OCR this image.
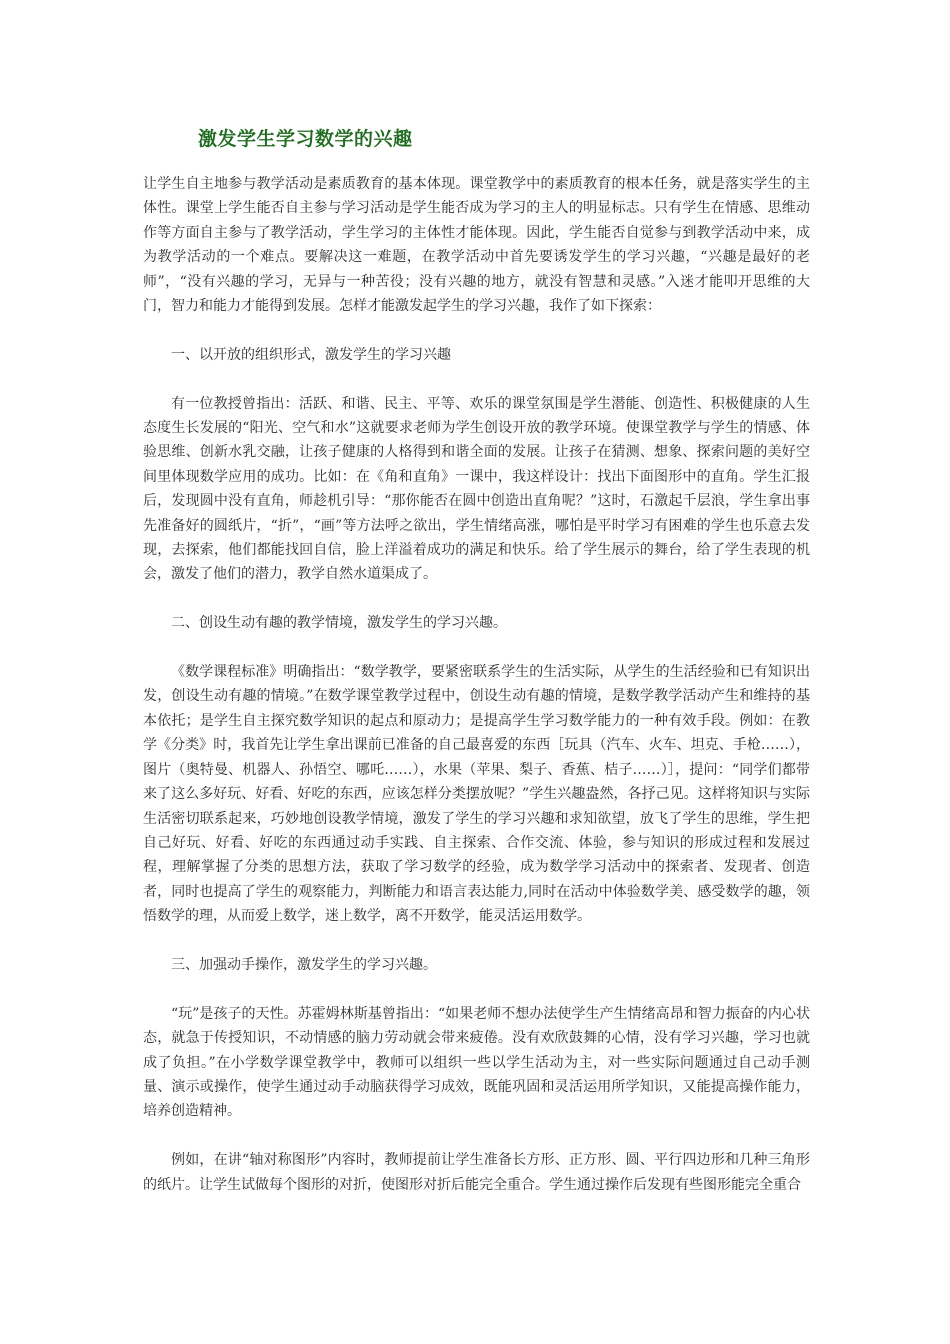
激发学生学习数学的兴趣

让学生自主地参与教学活动是素质教育的基本体现。课堂教学中的素质教育的根本任务，就是落实学生的主体性。课堂上学生能否自主参与学习活动是学生能否成为学习的主人的明显标志。只有学生在情感、思维动作等方面自主参与了教学活动，学生学习的主体性才能体现。因此，学生能否自觉参与到教学活动中来，成为教学活动的一个难点。要解决这一难题，在教学活动中首先要诱发学生的学习兴趣，“兴趣是最好的老师”，“没有兴趣的学习，无异与一种苦役；没有兴趣的地方，就没有智慧和灵感。”入迷才能叩开思维的大门，智力和能力才能得到发展。怎样才能激发起学生的学习兴趣，我作了如下探索：

一、以开放的组织形式，激发学生的学习兴趣

有一位教授曾指出：活跃、和谐、民主、平等、欢乐的课堂氛围是学生潜能、创造性、积极健康的人生态度生长发展的“阳光、空气和水”这就要求老师为学生创设开放的教学环境。使课堂教学与学生的情感、体验思维、创新水乳交融，让孩子健康的人格得到和谐全面的发展。让孩子在猜测、想象、探索问题的美好空间里体现数学应用的成功。比如：在《角和直角》一课中，我这样设计：找出下面图形中的直角。学生汇报后，发现圆中没有直角，师趁机引导：“那你能否在圆中创造出直角呢？”这时，石激起千层浪，学生拿出事先准备好的圆纸片，“折”，“画”等方法呼之欲出，学生情绪高涨，哪怕是平时学习有困难的学生也乐意去发现，去探索，他们都能找回自信，脸上洋溢着成功的满足和快乐。给了学生展示的舞台，给了学生表现的机会，激发了他们的潜力，教学自然水道渠成了。

二、创设生动有趣的教学情境，激发学生的学习兴趣。

《数学课程标准》明确指出：“数学教学，要紧密联系学生的生活实际，从学生的生活经验和已有知识出发，创设生动有趣的情境。”在数学课堂教学过程中，创设生动有趣的情境，是数学教学活动产生和维持的基本依托；是学生自主探究数学知识的起点和原动力；是提高学生学习数学能力的一种有效手段。例如：在教学《分类》时，我首先让学生拿出课前已准备的自己最喜爱的东西［玩具（汽车、火车、坦克、手枪……），图片（奥特曼、机器人、孙悟空、哪吒……），水果（苹果、梨子、香蕉、桔子……）］，提问：“同学们都带来了这么多好玩、好看、好吃的东西，应该怎样分类摆放呢？”学生兴趣盎然，各抒己见。这样将知识与实际生活密切联系起来，巧妙地创设教学情境，激发了学生的学习兴趣和求知欲望，放飞了学生的思维，学生把自己好玩、好看、好吃的东西通过动手实践、自主探索、合作交流、体验，参与知识的形成过程和发展过程，理解掌握了分类的思想方法，获取了学习数学的经验，成为数学学习活动中的探索者、发现者、创造者，同时也提高了学生的观察能力，判断能力和语言表达能力,同时在活动中体验数学美、感受数学的趣，领悟数学的理，从而爱上数学，迷上数学，离不开数学，能灵活运用数学。

三、加强动手操作，激发学生的学习兴趣。

“玩”是孩子的天性。苏霍姆林斯基曾指出：“如果老师不想办法使学生产生情绪高昂和智力振奋的内心状态，就急于传授知识，不动情感的脑力劳动就会带来疲倦。没有欢欣鼓舞的心情，没有学习兴趣，学习也就成了负担。”在小学数学课堂教学中，教师可以组织一些以学生活动为主，对一些实际问题通过自己动手测量、演示或操作，使学生通过动手动脑获得学习成效，既能巩固和灵活运用所学知识，又能提高操作能力，培养创造精神。

例如，在讲“轴对称图形”内容时，教师提前让学生准备长方形、正方形、圆、平行四边形和几种三角形的纸片。让学生试做每个图形的对折，使图形对折后能完全重合。学生通过操作后发现有些图形能完全重合
